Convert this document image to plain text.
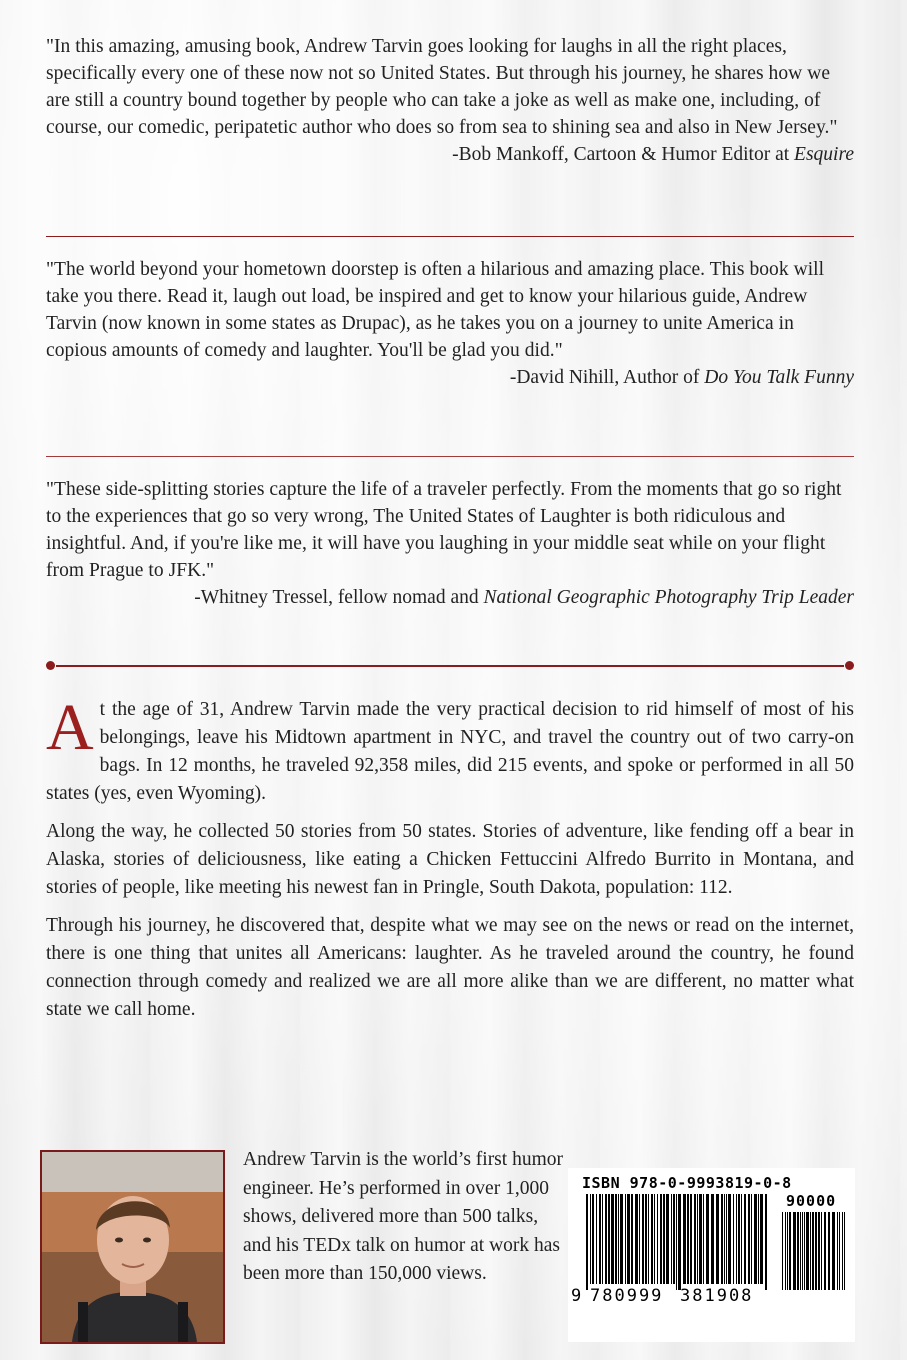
"In this amazing, amusing book, Andrew Tarvin goes looking for laughs in all the right places, specifically every one of these now not so United States. But through his journey, he shares how we are still a country bound together by people who can take a joke as well as make one, including, of course, our comedic, peripatetic author who does so from sea to shining sea and also in New Jersey."

-Bob Mankoff, Cartoon & Humor Editor at Esquire

"The world beyond your hometown doorstep is often a hilarious and amazing place. This book will take you there. Read it, laugh out load, be inspired and get to know your hilarious guide, Andrew Tarvin (now known in some states as Drupac), as he takes you on a journey to unite America in copious amounts of comedy and laughter. You'll be glad you did."

-David Nihill, Author of Do You Talk Funny

"These side-splitting stories capture the life of a traveler perfectly. From the moments that go so right to the experiences that go so very wrong, The United States of Laughter is both ridiculous and insightful. And, if you're like me, it will have you laughing in your middle seat while on your flight from Prague to JFK."

-Whitney Tressel, fellow nomad and National Geographic Photography Trip Leader

At the age of 31, Andrew Tarvin made the very practical decision to rid himself of most of his belongings, leave his Midtown apartment in NYC, and travel the country out of two carry-on bags. In 12 months, he traveled 92,358 miles, did 215 events, and spoke or performed in all 50 states (yes, even Wyoming).

Along the way, he collected 50 stories from 50 states. Stories of adventure, like fending off a bear in Alaska, stories of deliciousness, like eating a Chicken Fettuccini Alfredo Burrito in Montana, and stories of people, like meeting his newest fan in Pringle, South Dakota, population: 112.

Through his journey, he discovered that, despite what we may see on the news or read on the internet, there is one thing that unites all Americans: laughter. As he traveled around the country, he found connection through comedy and realized we are all more alike than we are different, no matter what state we call home.

Andrew Tarvin is the world’s first humor engineer. He’s performed in over 1,000 shows, delivered more than 500 talks, and his TEDx talk on humor at work has been more than 150,000 views.

ISBN 978-0-9993819-0-8
90000
9 780999 381908
